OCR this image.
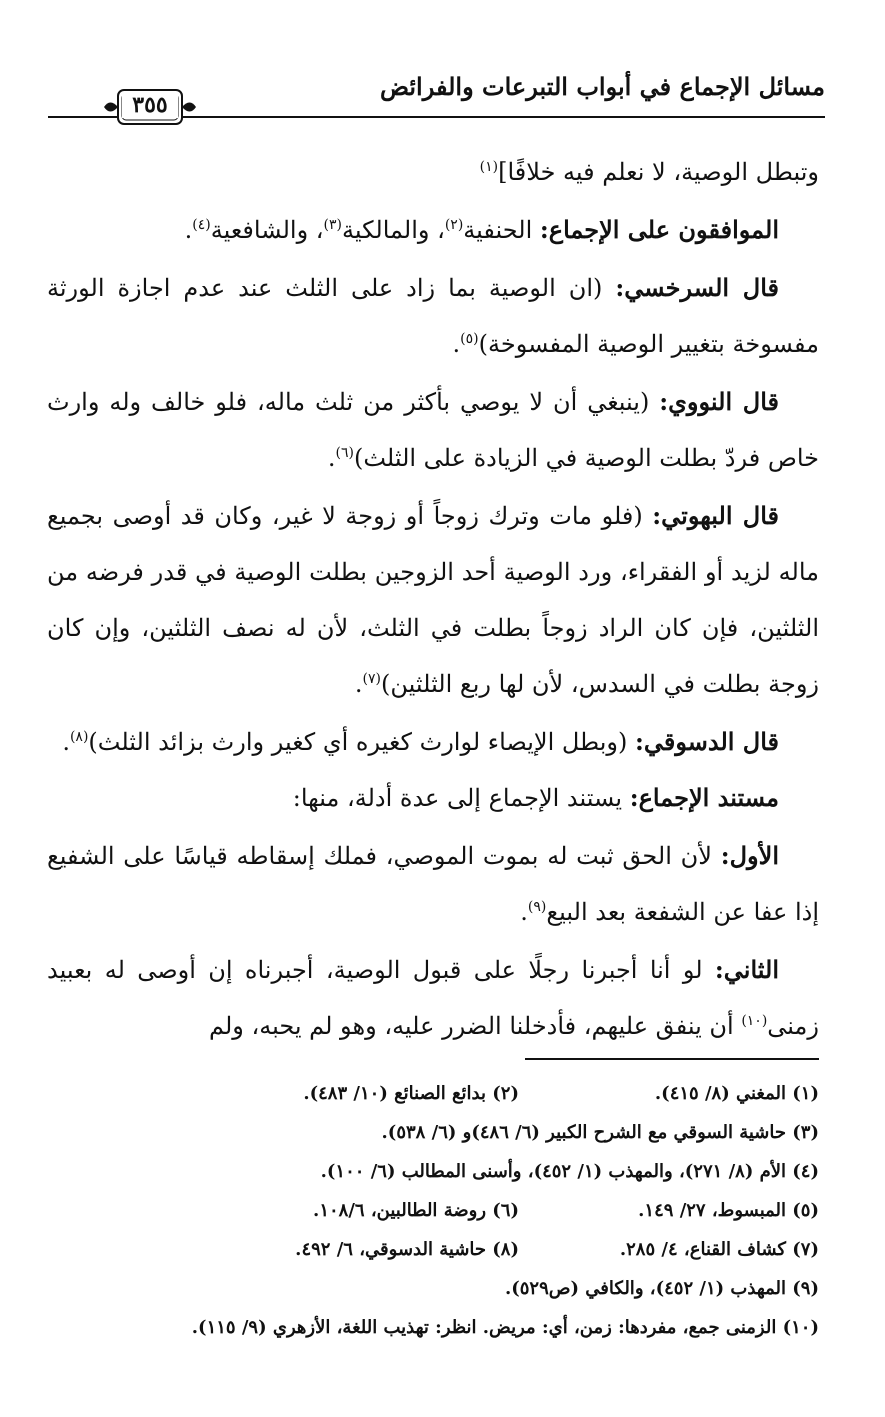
مسائل الإجماع في أبواب التبرعات والفرائض
٣٥٥

وتبطل الوصية، لا نعلم فيه خلافًا]$^{(١)}$

الموافقون على الإجماع: الحنفية$^{(٢)}$، والمالكية$^{(٣)}$، والشافعية$^{(٤)}$.

قال السرخسي: (ان الوصية بما زاد على الثلث عند عدم اجازة الورثة مفسوخة بتغيير الوصية المفسوخة)$^{(٥)}$.

قال النووي: (ينبغي أن لا يوصي بأكثر من ثلث ماله، فلو خالف وله وارث خاص فردّ بطلت الوصية في الزيادة على الثلث)$^{(٦)}$.

قال البهوتي: (فلو مات وترك زوجاً أو زوجة لا غير، وكان قد أوصى بجميع ماله لزيد أو الفقراء، ورد الوصية أحد الزوجين بطلت الوصية في قدر فرضه من الثلثين، فإن كان الراد زوجاً بطلت في الثلث، لأن له نصف الثلثين، وإن كان زوجة بطلت في السدس، لأن لها ربع الثلثين)$^{(٧)}$.

قال الدسوقي: (وبطل الإيصاء لوارث كغيره أي كغير وارث بزائد الثلث)$^{(٨)}$.

مستند الإجماع: يستند الإجماع إلى عدة أدلة، منها:

الأول: لأن الحق ثبت له بموت الموصي، فملك إسقاطه قياسًا على الشفيع إذا عفا عن الشفعة بعد البيع$^{(٩)}$.

الثاني: لو أنا أجبرنا رجلًا على قبول الوصية، أجبرناه إن أوصى له بعبيد زمنى$^{(١٠)}$ أن ينفق عليهم، فأدخلنا الضرر عليه، وهو لم يحبه، ولم

(١) المغني (٨/ ٤١٥).
(٢) بدائع الصنائع (١٠/ ٤٨٣).
(٣) حاشية السوقي مع الشرح الكبير (٦/ ٤٨٦)و (٦/ ٥٣٨).
(٤) الأم (٨/ ٢٧١)، والمهذب (١/ ٤٥٢)، وأسنى المطالب (٦/ ١٠٠).
(٥) المبسوط، ٢٧/ ١٤٩.
(٦) روضة الطالبين، ١٠٨/٦.
(٧) كشاف القناع، ٤/ ٢٨٥.
(٨) حاشية الدسوقي، ٦/ ٤٩٢.
(٩) المهذب (١/ ٤٥٢)، والكافي (ص٥٢٩).
(١٠) الزمنى جمع، مفردها: زمن، أي: مريض. انظر: تهذيب اللغة، الأزهري (٩/ ١١٥).
